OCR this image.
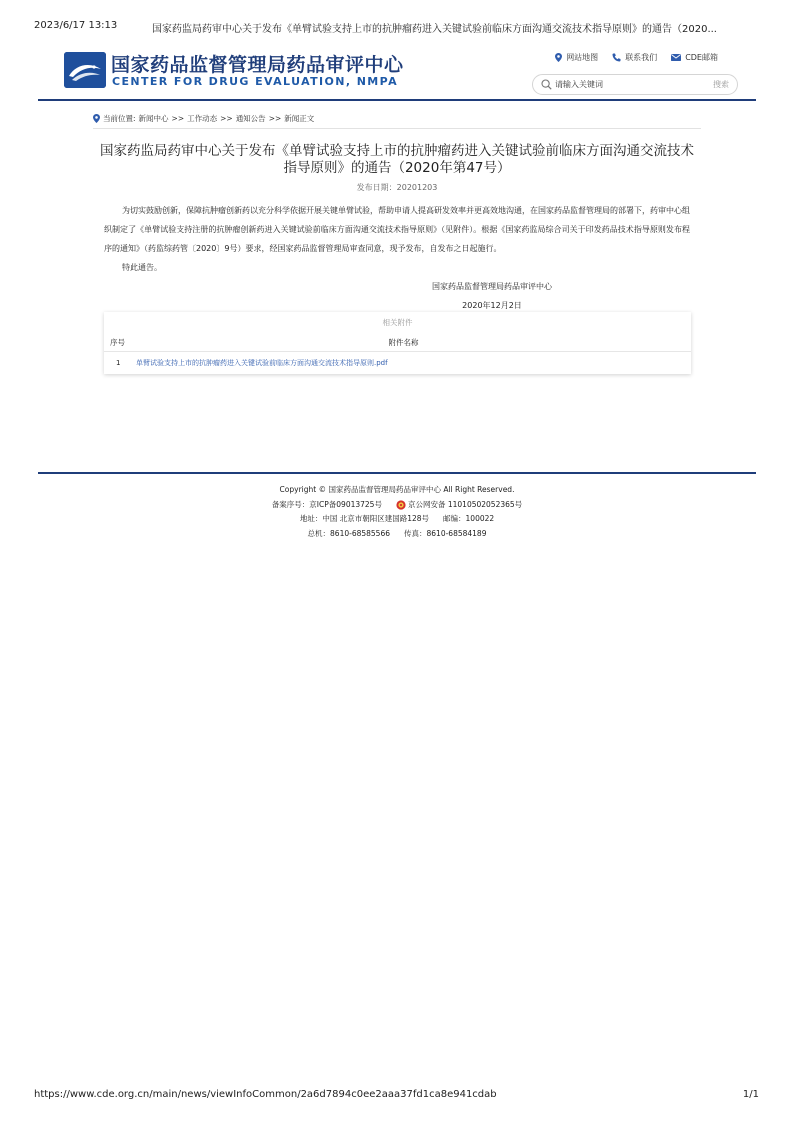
2023/6/17 13:13	国家药监局药审中心关于发布《单臂试验支持上市的抗肿瘤药进入关键试验前临床方面沟通交流技术指导原则》的通告（2020...
国家药品监督管理局药品审评中心
CENTER FOR DRUG EVALUATION, NMPA
网站地图	联系我们	CDE邮箱
请输入关键词
搜索
当前位置: 新闻中心 >> 工作动态 >> 通知公告 >> 新闻正文
国家药监局药审中心关于发布《单臂试验支持上市的抗肿瘤药进入关键试验前临床方面沟通交流技术指导原则》的通告（2020年第47号）
发布日期：20201203

为切实鼓励创新，保障抗肿瘤创新药以充分科学依据开展关键单臂试验，帮助申请人提高研发效率并更高效地沟通，在国家药品监督管理局的部署下，药审中心组织制定了《单臂试验支持注册的抗肿瘤创新药进入关键试验前临床方面沟通交流技术指导原则》（见附件）。根据《国家药监局综合司关于印发药品技术指导原则发布程序的通知》（药监综药管〔2020〕9号）要求，经国家药品监督管理局审查同意，现予发布，自发布之日起施行。

特此通告。

国家药品监督管理局药品审评中心

2020年12月2日

相关附件
序号	附件名称
1	单臂试验支持上市的抗肿瘤药进入关键试验前临床方面沟通交流技术指导原则.pdf
Copyright © 国家药品监督管理局药品审评中心 All Right Reserved.
备案序号：京ICP备09013725号	京公网安备 11010502052365号
地址：中国 北京市朝阳区建国路128号 邮编：100022
总机：8610-68585566 传真：8610-68584189
https://www.cde.org.cn/main/news/viewInfoCommon/2a6d7894c0ee2aaa37fd1ca8e941cdab	1/1
